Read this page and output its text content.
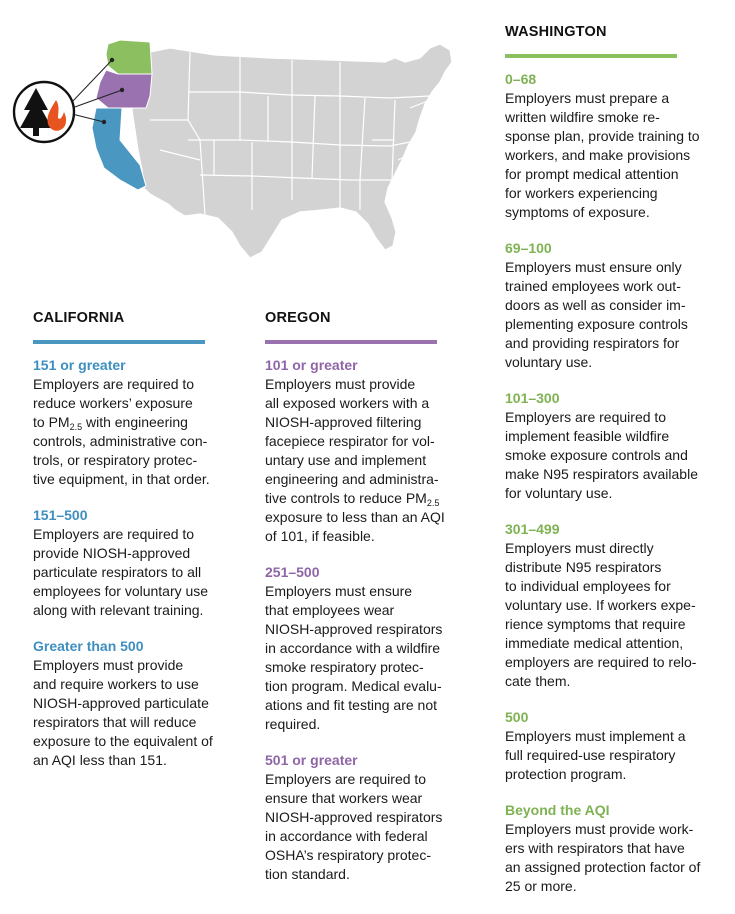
CALIFORNIA
151 or greater
Employers are required to
reduce workers’ exposure
to $PM_{2.5}$ with engineering
controls, administrative con-
trols, or respiratory protec-
tive equipment, in that order.
151–500
Employers are required to
provide NIOSH-approved
particulate respirators to all
employees for voluntary use
along with relevant training.
Greater than 500
Employers must provide
and require workers to use
NIOSH-approved particulate
respirators that will reduce
exposure to the equivalent of
an AQI less than 151.
OREGON
101 or greater
Employers must provide
all exposed workers with a
NIOSH-approved filtering
facepiece respirator for vol-
untary use and implement
engineering and administra-
tive controls to reduce $PM_{2.5}$
exposure to less than an AQI
of 101, if feasible.
251–500
Employers must ensure
that employees wear
NIOSH-approved respirators
in accordance with a wildfire
smoke respiratory protec-
tion program. Medical evalu-
ations and fit testing are not
required.
501 or greater
Employers are required to
ensure that workers wear
NIOSH-approved respirators
in accordance with federal
OSHA’s respiratory protec-
tion standard.
WASHINGTON
0–68
Employers must prepare a
written wildfire smoke re-
sponse plan, provide training to
workers, and make provisions
for prompt medical attention
for workers experiencing
symptoms of exposure.
69–100
Employers must ensure only
trained employees work out-
doors as well as consider im-
plementing exposure controls
and providing respirators for
voluntary use.
101–300
Employers are required to
implement feasible wildfire
smoke exposure controls and
make N95 respirators available
for voluntary use.
301–499
Employers must directly
distribute N95 respirators
to individual employees for
voluntary use. If workers expe-
rience symptoms that require
immediate medical attention,
employers are required to relo-
cate them.
500
Employers must implement a
full required-use respiratory
protection program.
Beyond the AQI
Employers must provide work-
ers with respirators that have
an assigned protection factor of
25 or more.
